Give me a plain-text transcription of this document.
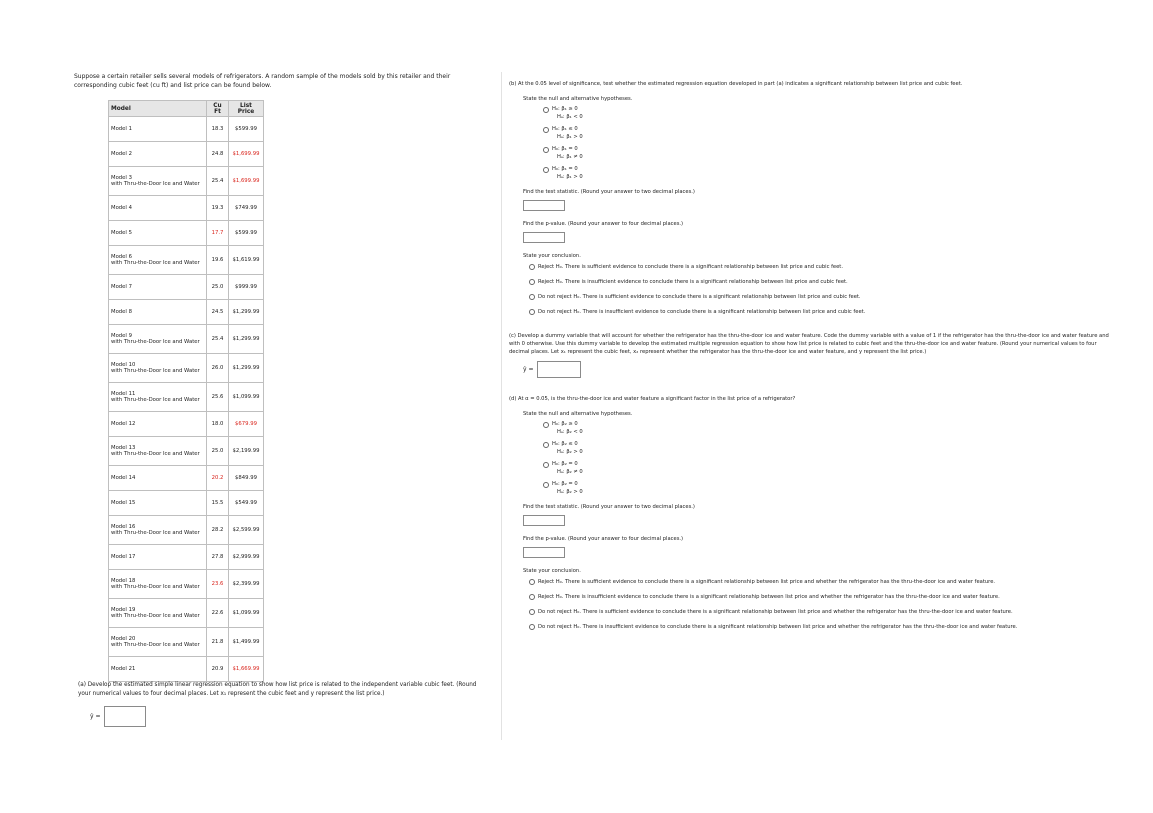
Suppose a certain retailer sells several models of refrigerators. A random sample of the models sold by this retailer and their corresponding cubic feet (cu ft) and list price can be found below.
Model	Cu Ft	List Price

Model 1	18.3	$599.99

Model 2	24.8	$1,699.99

Model 3
with Thru-the-Door Ice and Water	25.4	$1,699.99

Model 4	19.3	$749.99

Model 5	17.7	$599.99

Model 6
with Thru-the-Door Ice and Water	19.6	$1,619.99

Model 7	25.0	$999.99

Model 8	24.5	$1,299.99

Model 9
with Thru-the-Door Ice and Water	25.4	$1,299.99

Model 10
with Thru-the-Door Ice and Water	26.0	$1,299.99

Model 11
with Thru-the-Door Ice and Water	25.6	$1,099.99

Model 12	18.0	$679.99

Model 13
with Thru-the-Door Ice and Water	25.0	$2,199.99

Model 14	20.2	$849.99

Model 15	15.5	$549.99

Model 16
with Thru-the-Door Ice and Water	28.2	$2,599.99

Model 17	27.8	$2,999.99

Model 18
with Thru-the-Door Ice and Water	23.6	$2,399.99

Model 19
with Thru-the-Door Ice and Water	22.6	$1,099.99

Model 20
with Thru-the-Door Ice and Water	21.8	$1,499.99

Model 21	20.9	$1,669.99
(a) Develop the estimated simple linear regression equation to show how list price is related to the independent variable cubic feet. (Round your numerical values to four decimal places. Let x₁ represent the cubic feet and y represent the list price.)
ŷ =

(b) At the 0.05 level of significance, test whether the estimated regression equation developed in part (a) indicates a significant relationship between list price and cubic feet.

State the null and alternative hypotheses.
H₀: β₁ ≥ 0
Hₐ: β₁ < 0
H₀: β₁ ≤ 0
Hₐ: β₁ > 0
H₀: β₁ = 0
Hₐ: β₁ ≠ 0
H₀: β₁ = 0
Hₐ: β₁ > 0
Find the test statistic. (Round your answer to two decimal places.)
Find the p-value. (Round your answer to four decimal places.)
State your conclusion.
Reject H₀. There is sufficient evidence to conclude there is a significant relationship between list price and cubic feet.
Reject H₀. There is insufficient evidence to conclude there is a significant relationship between list price and cubic feet.
Do not reject H₀. There is sufficient evidence to conclude there is a significant relationship between list price and cubic feet.
Do not reject H₀. There is insufficient evidence to conclude there is a significant relationship between list price and cubic feet.

(c) Develop a dummy variable that will account for whether the refrigerator has the thru-the-door ice and water feature. Code the dummy variable with a value of 1 if the refrigerator has the thru-the-door ice and water feature and with 0 otherwise. Use this dummy variable to develop the estimated multiple regression equation to show how list price is related to cubic feet and the thru-the-door ice and water feature. (Round your numerical values to four decimal places. Let x₁ represent the cubic feet, x₂ represent whether the refrigerator has the thru-the-door ice and water feature, and y represent the list price.)

ŷ =

(d) At α = 0.05, is the thru-the-door ice and water feature a significant factor in the list price of a refrigerator?

State the null and alternative hypotheses.
H₀: β₂ ≥ 0
Hₐ: β₂ < 0
H₀: β₂ ≤ 0
Hₐ: β₂ > 0
H₀: β₂ = 0
Hₐ: β₂ ≠ 0
H₀: β₂ = 0
Hₐ: β₂ > 0
Find the test statistic. (Round your answer to two decimal places.)
Find the p-value. (Round your answer to four decimal places.)
State your conclusion.
Reject H₀. There is sufficient evidence to conclude there is a significant relationship between list price and whether the refrigerator has the thru-the-door ice and water feature.
Reject H₀. There is insufficient evidence to conclude there is a significant relationship between list price and whether the refrigerator has the thru-the-door ice and water feature.
Do not reject H₀. There is sufficient evidence to conclude there is a significant relationship between list price and whether the refrigerator has the thru-the-door ice and water feature.
Do not reject H₀. There is insufficient evidence to conclude there is a significant relationship between list price and whether the refrigerator has the thru-the-door ice and water feature.
